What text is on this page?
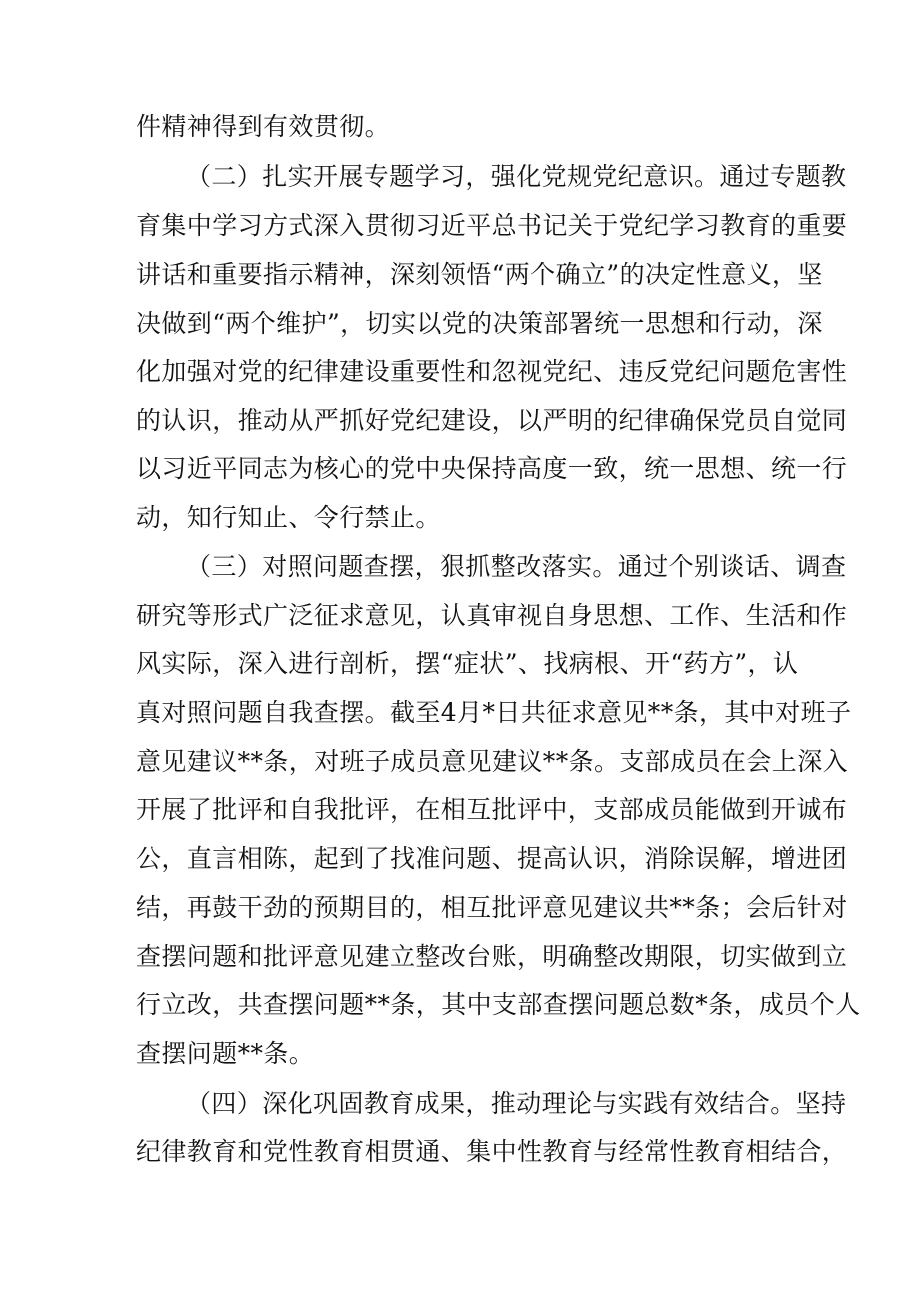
件精神得到有效贯彻。
（二）扎实开展专题学习，强化党规党纪意识。通过专题教
育集中学习方式深入贯彻习近平总书记关于党纪学习教育的重要
讲话和重要指示精神，深刻领悟“两个确立”的决定性意义，坚
决做到“两个维护”，切实以党的决策部署统一思想和行动，深
化加强对党的纪律建设重要性和忽视党纪、违反党纪问题危害性
的认识，推动从严抓好党纪建设，以严明的纪律确保党员自觉同
以习近平同志为核心的党中央保持高度一致，统一思想、统一行
动，知行知止、令行禁止。
（三）对照问题查摆，狠抓整改落实。通过个别谈话、调查
研究等形式广泛征求意见，认真审视自身思想、工作、生活和作
风实际，深入进行剖析，摆“症状”、找病根、开“药方”，认
真对照问题自我查摆。截至4月*日共征求意见**条，其中对班子
意见建议**条，对班子成员意见建议**条。支部成员在会上深入
开展了批评和自我批评，在相互批评中，支部成员能做到开诚布
公，直言相陈，起到了找准问题、提高认识，消除误解，增进团
结，再鼓干劲的预期目的，相互批评意见建议共**条；会后针对
查摆问题和批评意见建立整改台账，明确整改期限，切实做到立
行立改，共查摆问题**条，其中支部查摆问题总数*条，成员个人
查摆问题**条。
（四）深化巩固教育成果，推动理论与实践有效结合。坚持
纪律教育和党性教育相贯通、集中性教育与经常性教育相结合，
